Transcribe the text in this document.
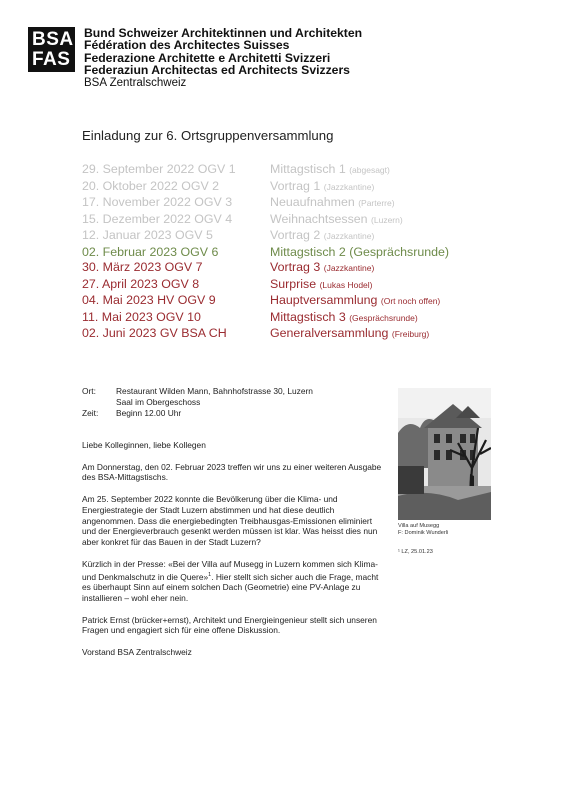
BSA
FAS
Bund Schweizer Architektinnen und Architekten
Fédération des Architectes Suisses
Federazione Architette e Architetti Svizzeri
Federaziun Architectas ed Architects Svizzers
BSA Zentralschweiz
Einladung zur 6. Ortsgruppenversammlung
29. September 2022 OGV 1	Mittagstisch 1 (abgesagt)
20. Oktober 2022 OGV 2	Vortrag 1 (Jazzkantine)
17. November 2022 OGV 3	Neuaufnahmen (Parterre)
15. Dezember 2022 OGV 4	Weihnachtsessen (Luzern)
12. Januar 2023 OGV 5	Vortrag 2 (Jazzkantine)
02. Februar 2023 OGV 6	Mittagstisch 2 (Gesprächsrunde)
30. März 2023 OGV 7	Vortrag 3 (Jazzkantine)
27. April 2023 OGV 8	Surprise (Lukas Hodel)
04. Mai 2023 HV OGV 9	Hauptversammlung (Ort noch offen)
11. Mai 2023 OGV 10	Mittagstisch 3 (Gesprächsrunde)
02. Juni 2023 GV BSA CH	Generalversammlung (Freiburg)
Ort:	Restaurant Wilden Mann, Bahnhofstrasse 30, Luzern
Saal im Obergeschoss
Zeit:	Beginn 12.00 Uhr

Liebe Kolleginnen, liebe Kollegen

Am Donnerstag, den 02. Februar 2023 treffen wir uns zu einer weiteren Ausgabe des BSA-Mittagstischs.

Am 25. September 2022 konnte die Bevölkerung über die Klima- und Energiestrategie der Stadt Luzern abstimmen und hat diese deutlich angenommen. Dass die energiebedingten Treibhausgas-Emissionen eliminiert und der Energieverbrauch gesenkt werden müssen ist klar. Was heisst dies nun aber konkret für das Bauen in der Stadt Luzern?

Kürzlich in der Presse: «Bei der Villa auf Musegg in Luzern kommen sich Klima- und Denkmalschutz in die Quere»$^1$. Hier stellt sich sicher auch die Frage, macht es überhaupt Sinn auf einem solchen Dach (Geometrie) eine PV-Anlage zu installieren – wohl eher nein.

Patrick Ernst (brücker+ernst), Architekt und Energieingenieur stellt sich unseren Fragen und engagiert sich für eine offene Diskussion.

Vorstand BSA Zentralschweiz

Villa auf Musegg
F: Dominik Wunderli
¹ LZ, 25.01.23
